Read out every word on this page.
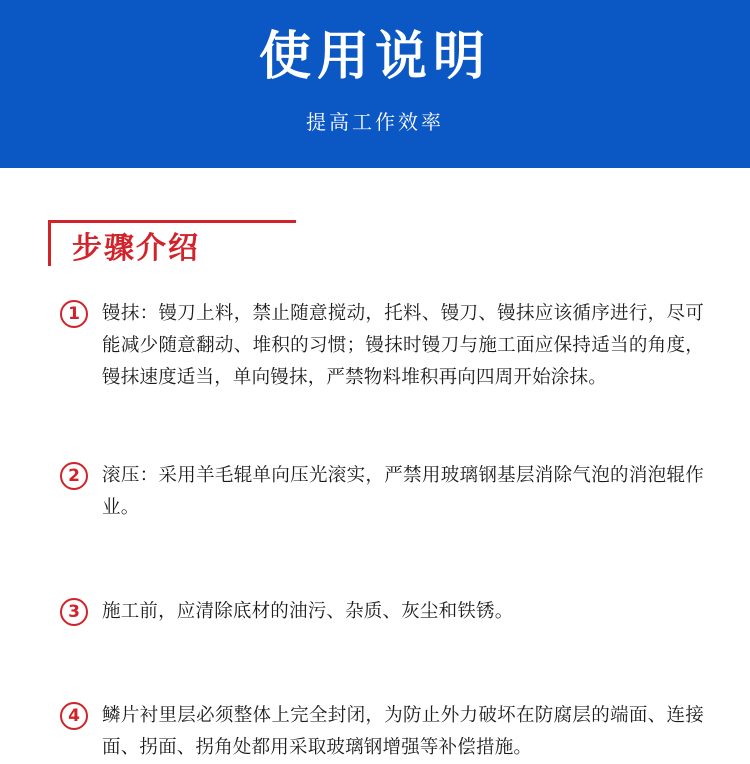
使用说明
提高工作效率
步骤介绍
1	镘抹：镘刀上料，禁止随意搅动，托料、镘刀、镘抹应该循序进行，尽可能减少随意翻动、堆积的习惯；镘抹时镘刀与施工面应保持适当的角度，镘抹速度适当，单向镘抹，严禁物料堆积再向四周开始涂抹。
2	滚压：采用羊毛辊单向压光滚实，严禁用玻璃钢基层消除气泡的消泡辊作业。
3	施工前，应清除底材的油污、杂质、灰尘和铁锈。
4	鳞片衬里层必须整体上完全封闭，为防止外力破坏在防腐层的端面、连接面、拐面、拐角处都用采取玻璃钢增强等补偿措施。
